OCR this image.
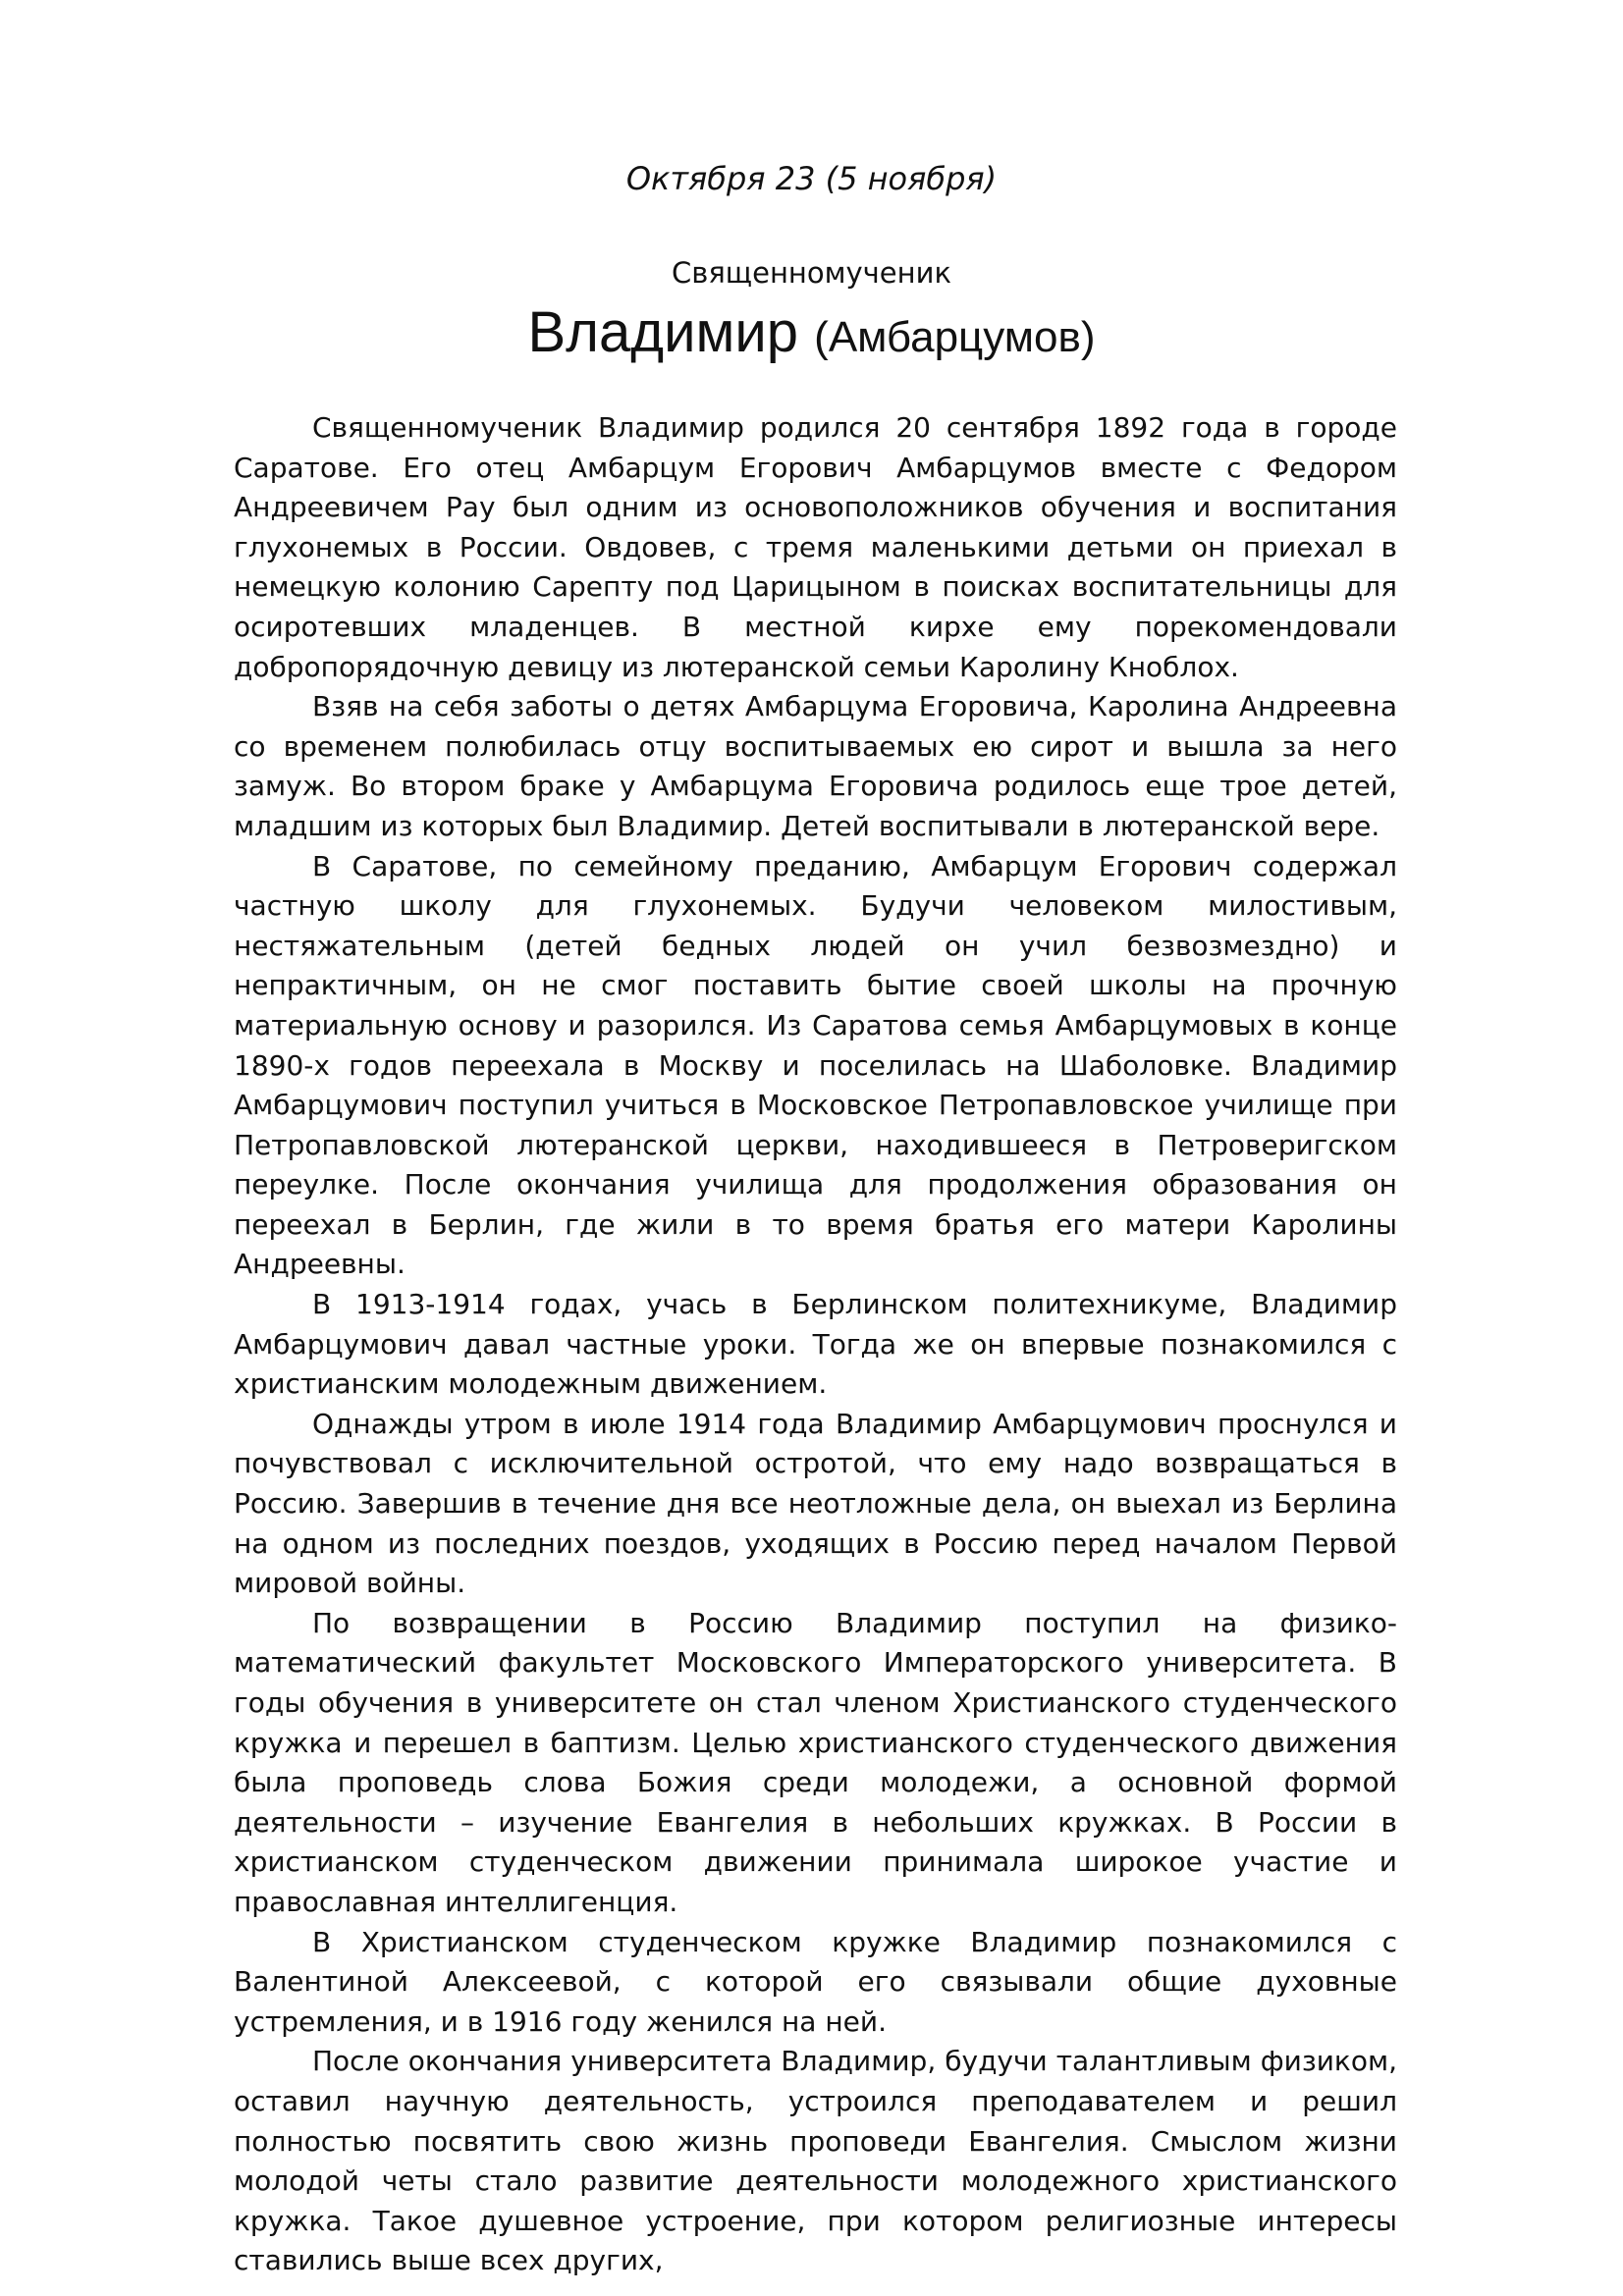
Октября 23 (5 ноября)

Священномученик

Владимир (Амбарцумов)

Священномученик Владимир родился 20 сентября 1892 года в городе Саратове. Его отец Амбарцум Егорович Амбарцумов вместе с Федором Андреевичем Рау был одним из основоположников обучения и воспитания глухонемых в России. Овдовев, с тремя маленькими детьми он приехал в немецкую колонию Сарепту под Царицыном в поисках воспитательницы для осиротевших младенцев. В местной кирхе ему порекомендовали добропорядочную девицу из лютеранской семьи Каролину Кноблох.

Взяв на себя заботы о детях Амбарцума Егоровича, Каролина Андреевна со временем полюбилась отцу воспитываемых ею сирот и вышла за него замуж. Во втором браке у Амбарцума Егоровича родилось еще трое детей, младшим из которых был Владимир. Детей воспитывали в лютеранской вере.

В Саратове, по семейному преданию, Амбарцум Егорович содержал частную школу для глухонемых. Будучи человеком милостивым, нестяжательным (детей бедных людей он учил безвозмездно) и непрактичным, он не смог поставить бытие своей школы на прочную материальную основу и разорился. Из Саратова семья Амбарцумовых в конце 1890-х годов переехала в Москву и поселилась на Шаболовке. Владимир Амбарцумович поступил учиться в Московское Петропавловское училище при Петропавловской лютеранской церкви, находившееся в Петроверигском переулке. После окончания училища для продолжения образования он переехал в Берлин, где жили в то время братья его матери Каролины Андреевны.

В 1913-1914 годах, учась в Берлинском политехникуме, Владимир Амбарцумович давал частные уроки. Тогда же он впервые познакомился с христианским молодежным движением.

Однажды утром в июле 1914 года Владимир Амбарцумович проснулся и почувствовал с исключительной остротой, что ему надо возвращаться в Россию. Завершив в течение дня все неотложные дела, он выехал из Берлина на одном из последних поездов, уходящих в Россию перед началом Первой мировой войны.

По возвращении в Россию Владимир поступил на физико-математический факультет Московского Императорского университета. В годы обучения в университете он стал членом Христианского студенческого кружка и перешел в баптизм. Целью христианского студенческого движения была проповедь слова Божия среди молодежи, а основной формой деятельности – изучение Евангелия в небольших кружках. В России в христианском студенческом движении принимала широкое участие и православная интеллигенция.

В Христианском студенческом кружке Владимир познакомился с Валентиной Алексеевой, с которой его связывали общие духовные устремления, и в 1916 году женился на ней.

После окончания университета Владимир, будучи талантливым физиком, оставил научную деятельность, устроился преподавателем и решил полностью посвятить свою жизнь проповеди Евангелия. Смыслом жизни молодой четы стало развитие деятельности молодежного христианского кружка. Такое душевное устроение, при котором религиозные интересы ставились выше всех других,
